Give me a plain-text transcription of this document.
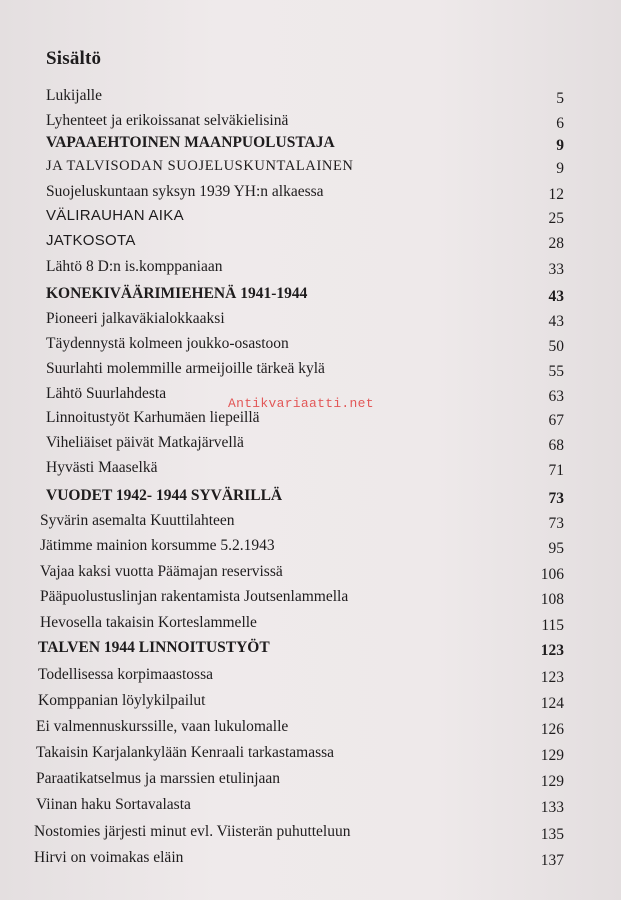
Sisältö
Lukijalle	5
Lyhenteet ja erikoissanat selväkielisinä	6
VAPAAEHTOINEN MAANPUOLUSTAJA	9
JA TALVISODAN SUOJELUSKUNTALAINEN	9
Suojeluskuntaan syksyn 1939 YH:n alkaessa	12
VÄLIRAUHAN AIKA	25
JATKOSOTA	28
Lähtö 8 D:n is.komppaniaan	33
KONEKIVÄÄRIMIEHENÄ 1941-1944	43
Pioneeri jalkaväkialokkaaksi	43
Täydennystä kolmeen joukko-osastoon	50
Suurlahti molemmille armeijoille tärkeä kylä	55
Lähtö Suurlahdesta	63
Linnoitustyöt Karhumäen liepeillä	67
Viheliäiset päivät Matkajärvellä	68
Hyvästi Maaselkä	71
VUODET 1942- 1944 SYVÄRILLÄ	73
Syvärin asemalta Kuuttilahteen	73
Jätimme mainion korsumme 5.2.1943	95
Vajaa kaksi vuotta Päämajan reservissä	106
Pääpuolustuslinjan rakentamista Joutsenlammella	108
Hevosella takaisin Korteslammelle	115
TALVEN 1944 LINNOITUSTYÖT	123
Todellisessa korpimaastossa	123
Komppanian löylykilpailut	124
Ei valmennuskurssille, vaan lukulomalle	126
Takaisin Karjalankylään Kenraali tarkastamassa	129
Paraatikatselmus ja marssien etulinjaan	129
Viinan haku Sortavalasta	133
Nostomies järjesti minut evl. Viisterän puhutteluun	135
Hirvi on voimakas eläin	137
Antikvariaatti.net
